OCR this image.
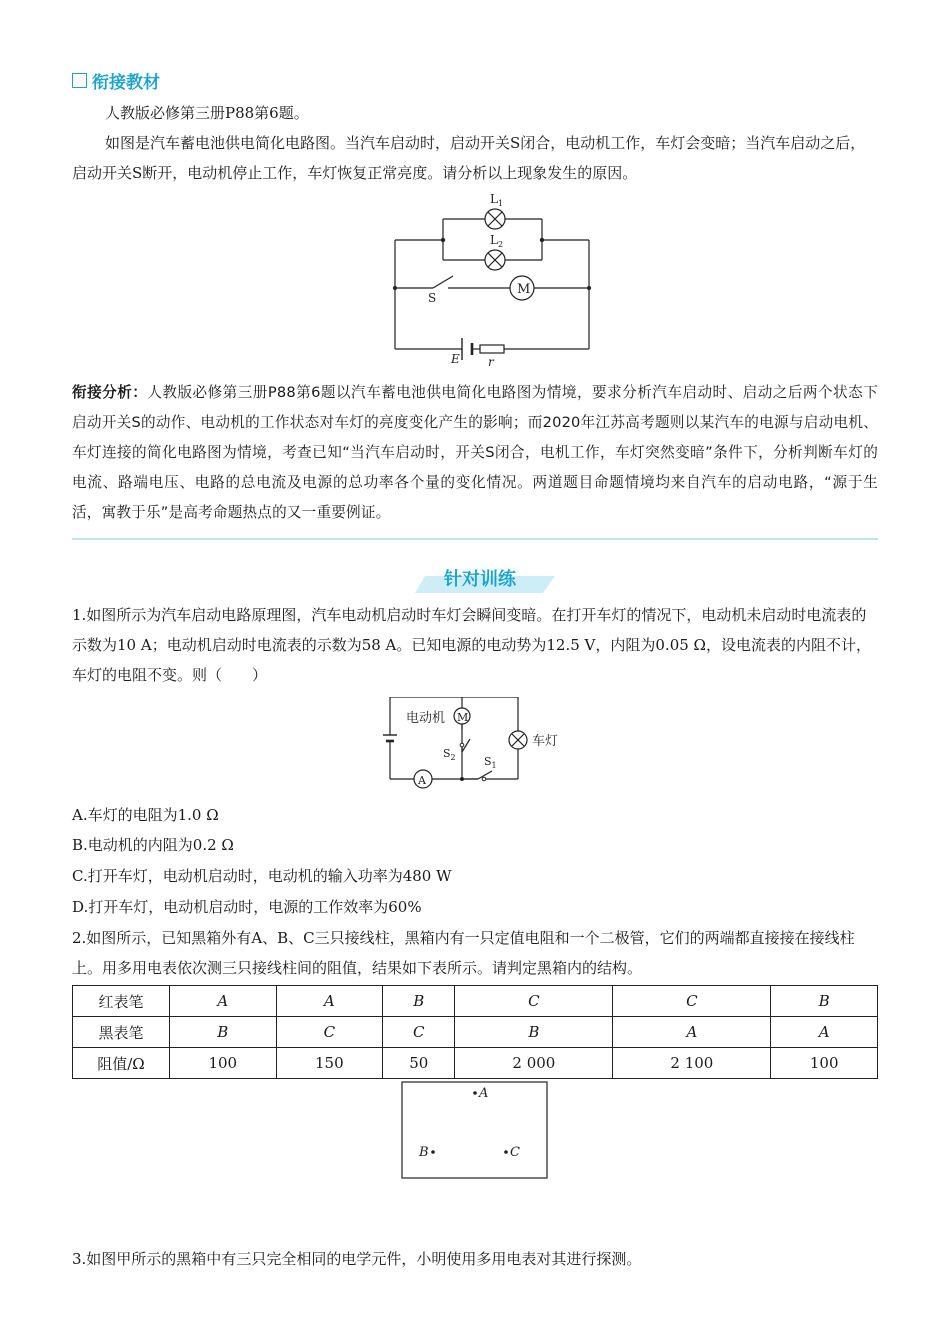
衔接教材

人教版必修第三册P88第6题。

如图是汽车蓄电池供电简化电路图。当汽车启动时，启动开关S闭合，电动机工作，车灯会变暗；当汽车启动之后，启动开关S断开，电动机停止工作，车灯恢复正常亮度。请分析以上现象发生的原因。

$L_1$
$L_2$
M
S
E r
衔接分析：人教版必修第三册P88第6题以汽车蓄电池供电简化电路图为情境，要求分析汽车启动时、启动之后两个状态下启动开关S的动作、电动机的工作状态对车灯的亮度变化产生的影响；而2020年江苏高考题则以某汽车的电源与启动电机、车灯连接的简化电路图为情境，考查已知“当汽车启动时，开关S闭合，电机工作，车灯突然变暗”条件下，分析判断车灯的电流、路端电压、电路的总电流及电源的总功率各个量的变化情况。两道题目命题情境均来自汽车的启动电路，“源于生活，寓教于乐”是高考命题热点的又一重要例证。
针对训练

1.如图所示为汽车启动电路原理图，汽车电动机启动时车灯会瞬间变暗。在打开车灯的情况下，电动机未启动时电流表的示数为10 A；电动机启动时电流表的示数为58 A。已知电源的电动势为12.5 V，内阻为0.05 Ω，设电流表的内阻不计，车灯的电阻不变。则（　　）

电动机 M
车灯
$S_2$	$S_1$
A

A.车灯的电阻为1.0 Ω

B.电动机的内阻为0.2 Ω

C.打开车灯，电动机启动时，电动机的输入功率为480 W

D.打开车灯，电动机启动时，电源的工作效率为60%

2.如图所示，已知黑箱外有A、B、C三只接线柱，黑箱内有一只定值电阻和一个二极管，它们的两端都直接接在接线柱上。用多用电表依次测三只接线柱间的阻值，结果如下表所示。请判定黑箱内的结构。

红表笔	A	A	B	C	C	B
黑表笔	B	C	C	B	A	A
阻值/Ω	100	150	50	2 000	2 100	100
A
B	C

3.如图甲所示的黑箱中有三只完全相同的电学元件，小明使用多用电表对其进行探测。
